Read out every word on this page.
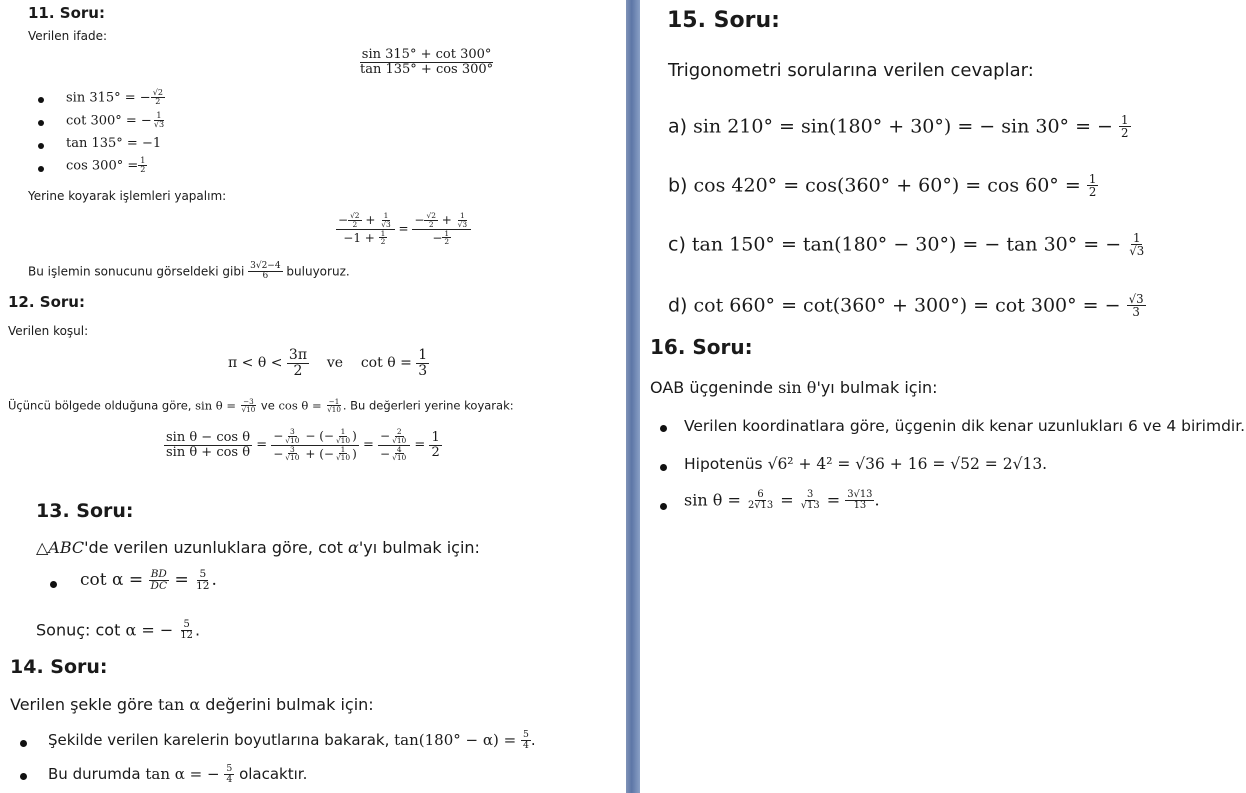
11. Soru:
Verilen ifade:
$\frac{\sin 315^\circ + \cot 300^\circ}{\tan 135^\circ + \cos 300^\circ}$
sin 315° = − $\frac{√2}{2}$
cot 300° = − $\frac{1}{√3}$
tan 135° = −1
$\cos 300^\circ = \frac{1}{2}$
Yerine koyarak işlemleri yapalım:
$\frac{- \frac{√2}{2} + \frac{1}{√3}}{-1 + \frac{1}{2}} = \frac{- \frac{√2}{2} + \frac{1}{√3}}{- \frac{1}{2}}$
Bu işlemin sonucunu görseldeki gibi $\frac{3√2-4}{6}$ buluyoruz.
12. Soru:
Verilen koşul:
$\pi < \theta < \frac{3\pi}{2}$ ve $\cot \theta = \frac{1}{3}$
Üçüncü bölgede olduğuna göre, $\sin \theta = \frac{-3}{√10}$ ve $\cos \theta = \frac{-1}{√10}$ . Bu değerleri yerine koyarak:
$\frac{\text{sin θ − cos θ}}{\text{sin θ + cos θ}} = \frac{- \frac{3}{√10} - (- \frac{1}{√10} )}{- \frac{3}{√10} + (- \frac{1}{√10} )} = \frac{- \frac{2}{√10}}{- \frac{4}{√10}} = \frac{1}{2}$
13. Soru:
△ABC'de verilen uzunluklara göre, cot α'yı bulmak için:
$\cot \alpha = \frac{BD}{DC} = \frac{5}{12}$ .
Sonuç: cot α = − $\frac{5}{12}$ .
14. Soru:
Verilen şekle göre tan α değerini bulmak için:
Şekilde verilen karelerin boyutlarına bakarak, $\tan(180^\circ - \alpha) = \frac{5}{4}$ .
Bu durumda tan α = − $\frac{5}{4}$ olacaktır.
15. Soru:
Trigonometri sorularına verilen cevaplar:
a) sin 210° = sin(180° + 30°) = − sin 30° = − $\frac{1}{2}$
b) $\cos 420^\circ = \cos(360^\circ + 60^\circ) = \cos 60^\circ = \frac{1}{2}$
c) tan 150° = tan(180° − 30°) = − tan 30° = − $\frac{1}{√3}$
d) cot 660° = cot(360° + 300°) = cot 300° = − $\frac{√3}{3}$
16. Soru:
OAB üçgeninde sin θ'yı bulmak için:
Verilen koordinatlara göre, üçgenin dik kenar uzunlukları 6 ve 4 birimdir.
Hipotenüs √6² + 4² = √36 + 16 = √52 = 2√13.
$\sin \theta = \frac{6}{2√13} = \frac{3}{√13} = \frac{3√13}{13}$ .
